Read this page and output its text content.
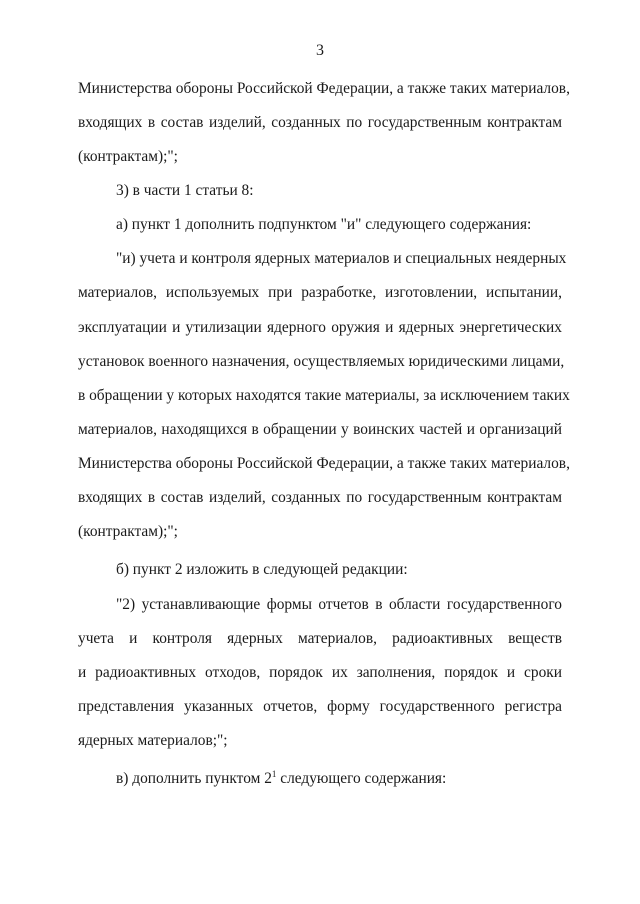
3
Министерства обороны Российской Федерации, а также таких материалов,
входящих в состав изделий, созданных по государственным контрактам
(контрактам);";
3) в части 1 статьи 8:
а) пункт 1 дополнить подпунктом "и" следующего содержания:
"и) учета и контроля ядерных материалов и специальных неядерных
материалов, используемых при разработке, изготовлении, испытании,
эксплуатации и утилизации ядерного оружия и ядерных энергетических
установок военного назначения, осуществляемых юридическими лицами,
в обращении у которых находятся такие материалы, за исключением таких
материалов, находящихся в обращении у воинских частей и организаций
Министерства обороны Российской Федерации, а также таких материалов,
входящих в состав изделий, созданных по государственным контрактам
(контрактам);";
б) пункт 2 изложить в следующей редакции:
"2) устанавливающие формы отчетов в области государственного
учета и контроля ядерных материалов, радиоактивных веществ
и радиоактивных отходов, порядок их заполнения, порядок и сроки
представления указанных отчетов, форму государственного регистра
ядерных материалов;";
в) дополнить пунктом $2^1$ следующего содержания:
